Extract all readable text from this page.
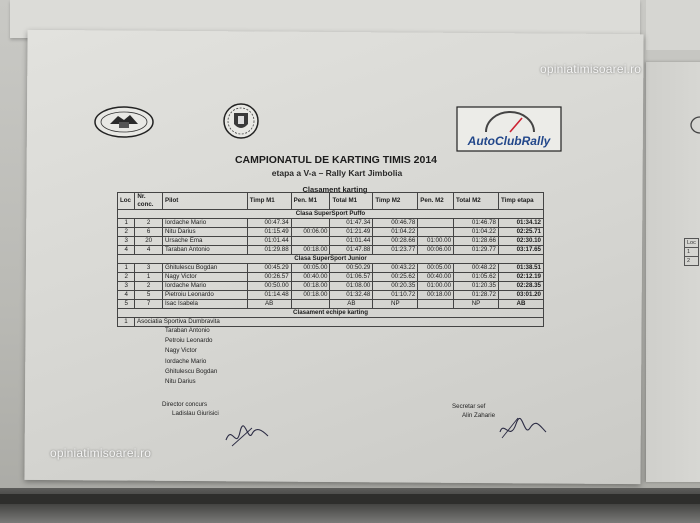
Loc
1
2
AutoClubRally
CAMPIONATUL DE KARTING TIMIS 2014
etapa a V-a – Rally Kart Jimbolia
Clasament karting
Loc	Nr. conc.	Pilot	Timp M1	Pen. M1	Total M1	Timp M2	Pen. M2	Total M2	Timp etapa
Clasa SuperSport Puffo									
1	2	Iordache Mario	00:47.34		01:47.34	00:46.78		01:46.78	01:34.12
2	6	Nitu Darius	01:15.49	00:06.00	01:21.49	01:04.22		01:04.22	02:25.71
3	20	Ursache Ema	01:01.44		01:01.44	00:28.66	01:00.00	01:28.66	02:30.10
4	4	Taraban Antonio	01:29.88	00:18.00	01:47.88	01:23.77	00:06.00	01:29.77	03:17.65
Clasa SuperSport Junior									
1	3	Ghitulescu Bogdan	00:45.29	00:05.00	00:50.29	00:43.22	00:05.00	00:48.22	01:38.51
2	1	Nagy Victor	00:26.57	00:40.00	01:06.57	00:25.62	00:40.00	01:05.62	02:12.19
3	2	Iordache Mario	00:50.00	00:18.00	01:08.00	00:20.35	01:00.00	01:20.35	02:28.35
4	5	Pietroiu Leonardo	01:14.48	00:18.00	01:32.48	01:10.72	00:18.00	01:28.72	03:01.20
5	7	Isac Isabela	AB		AB	NP		NP	AB
Clasament echipe karting									
1	Asociatia Sportiva Dumbravita
Taraban Antonio
Petroiu Leonardo
Nagy Victor
Iordache Mario
Ghitulescu Bogdan
Nitu Darius
Director concurs
Ladislau Giurisici
Secretar sef
Alin Zaharie
opiniatimisoarei.ro
opiniatimisoarei.ro
